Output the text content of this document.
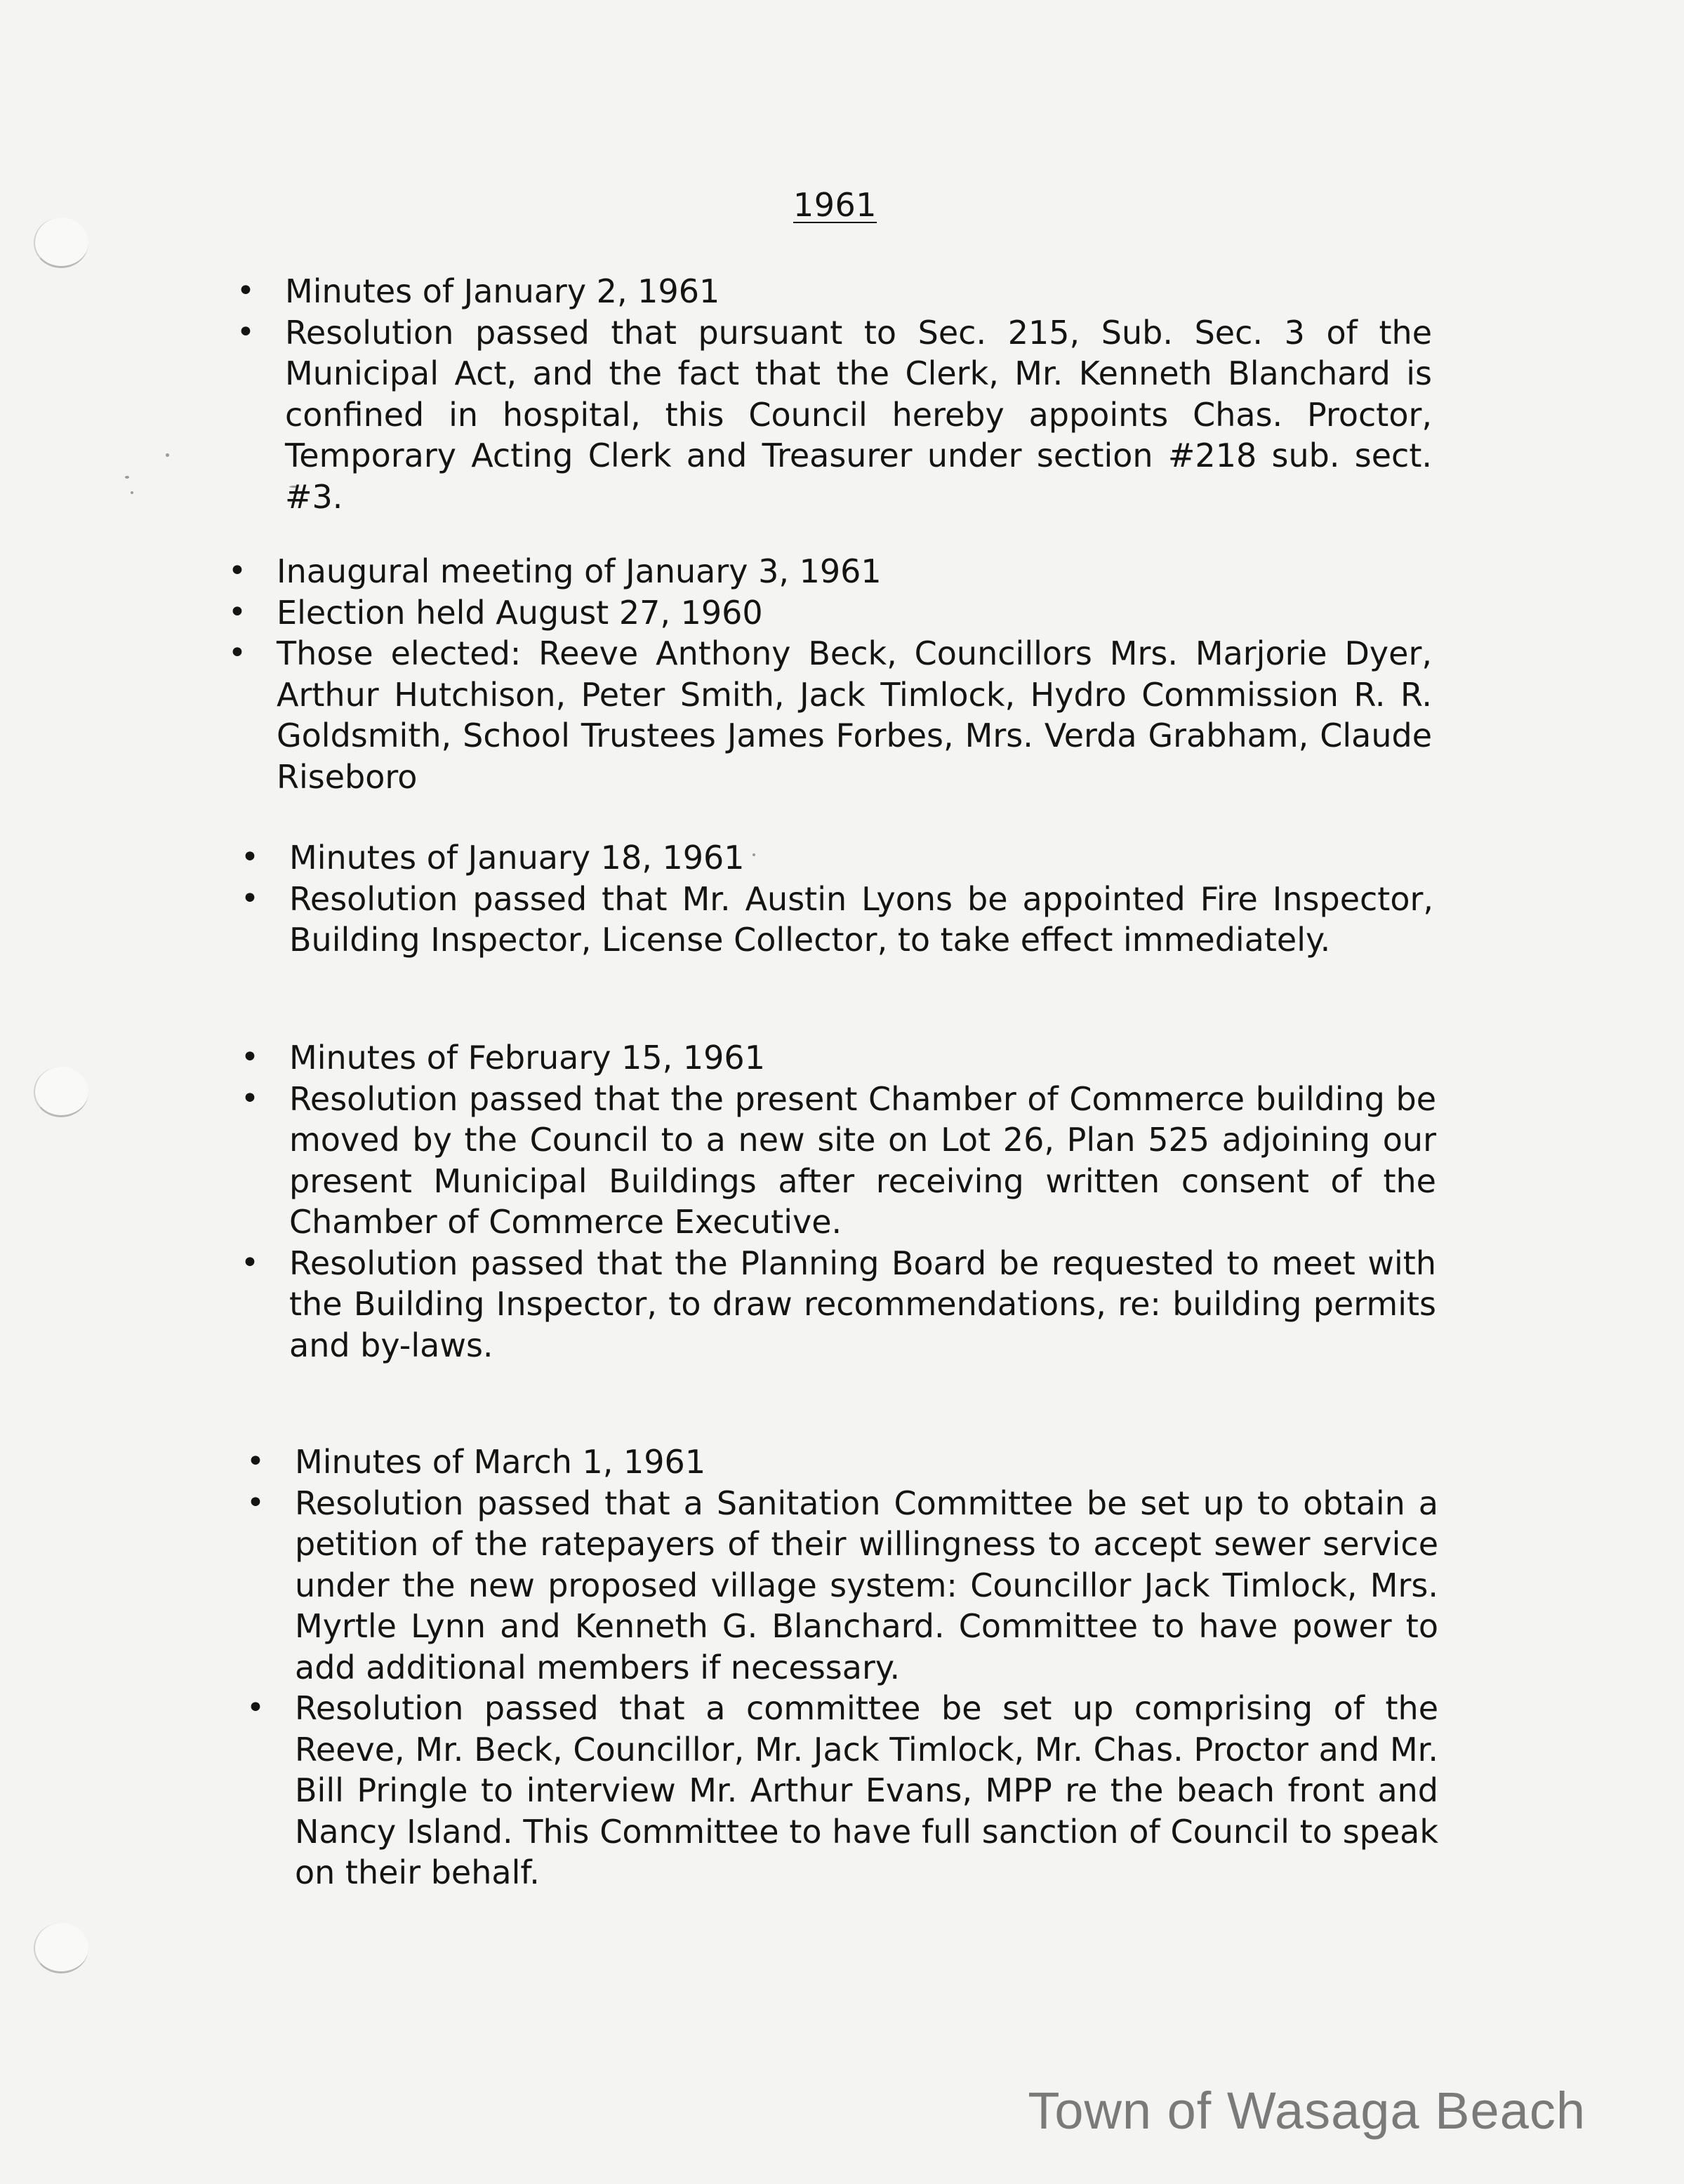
1961
• Minutes of January 2, 1961
• Resolution passed that pursuant to Sec. 215, Sub. Sec. 3 of the Municipal Act, and the fact that the Clerk, Mr. Kenneth Blanchard is confined in hospital, this Council hereby appoints Chas. Proctor, Temporary Acting Clerk and Treasurer under section #218 sub. sect. #3.
• Inaugural meeting of January 3, 1961
• Election held August 27, 1960
• Those elected: Reeve Anthony Beck, Councillors Mrs. Marjorie Dyer, Arthur Hutchison, Peter Smith, Jack Timlock, Hydro Commission R. R. Goldsmith, School Trustees James Forbes, Mrs. Verda Grabham, Claude Riseboro
• Minutes of January 18, 1961
• Resolution passed that Mr. Austin Lyons be appointed Fire Inspector, Building Inspector, License Collector, to take effect immediately.
• Minutes of February 15, 1961
• Resolution passed that the present Chamber of Commerce building be moved by the Council to a new site on Lot 26, Plan 525 adjoining our present Municipal Buildings after receiving written consent of the Chamber of Commerce Executive.
• Resolution passed that the Planning Board be requested to meet with the Building Inspector, to draw recommendations, re: building permits and by-laws.
• Minutes of March 1, 1961
• Resolution passed that a Sanitation Committee be set up to obtain a petition of the ratepayers of their willingness to accept sewer service under the new proposed village system: Councillor Jack Timlock, Mrs. Myrtle Lynn and Kenneth G. Blanchard. Committee to have power to add additional members if necessary.
• Resolution passed that a committee be set up comprising of the Reeve, Mr. Beck, Councillor, Mr. Jack Timlock, Mr. Chas. Proctor and Mr. Bill Pringle to interview Mr. Arthur Evans, MPP re the beach front and Nancy Island. This Committee to have full sanction of Council to speak on their behalf.
Town of Wasaga Beach
